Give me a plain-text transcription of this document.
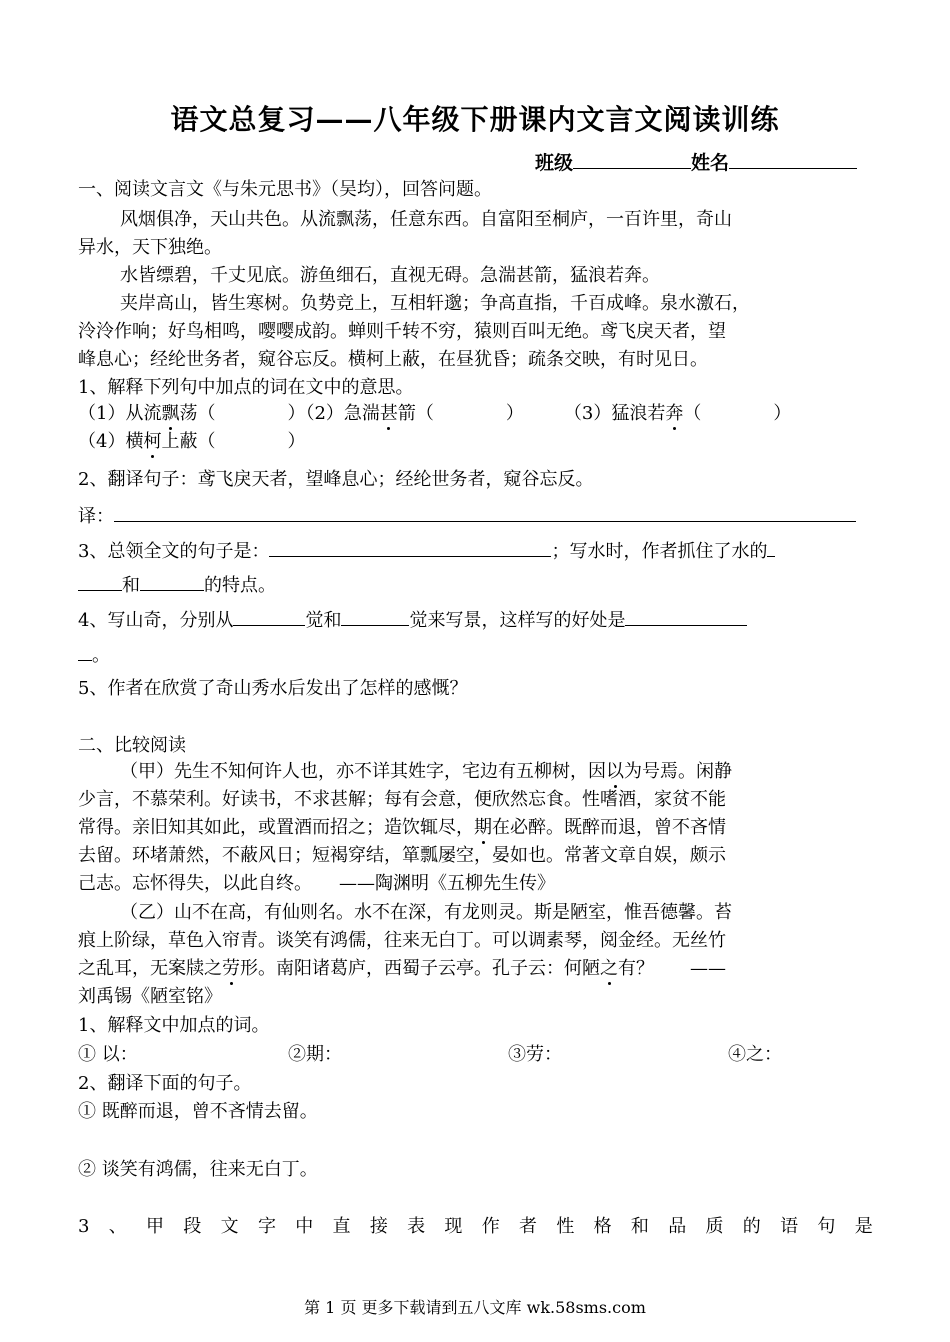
语文总复习——八年级下册课内文言文阅读训练
班级	姓名
一、阅读文言文《与朱元思书》（吴均），回答问题。
风烟俱净，天山共色。从流飘荡，任意东西。自富阳至桐庐，一百许里，奇山
异水，天下独绝。
水皆缥碧，千丈见底。游鱼细石，直视无碍。急湍甚箭，猛浪若奔。
夹岸高山，皆生寒树。负势竞上，互相轩邈；争高直指，千百成峰。泉水激石，
泠泠作响；好鸟相鸣，嘤嘤成韵。蝉则千转不穷，猿则百叫无绝。鸢飞戾天者，望
峰息心；经纶世务者，窥谷忘反。横柯上蔽，在昼犹昏；疏条交映，有时见日。
1、解释下列句中加点的词在文中的意思。
（1）从流飘荡（	）（2）急湍甚箭（	） （3）猛浪若奔（	）
（4）横柯上蔽（	）
2、翻译句子：鸢飞戾天者，望峰息心；经纶世务者，窥谷忘反。
译：
3、总领全文的句子是：	；写水时，作者抓住了水的
和	的特点。
4、写山奇，分别从	觉和	觉来写景，这样写的好处是
。
5、作者在欣赏了奇山秀水后发出了怎样的感慨？
二、比较阅读
（甲）先生不知何许人也，亦不详其姓字，宅边有五柳树，因以为号焉。闲静
少言，不慕荣利。好读书，不求甚解；每有会意，便欣然忘食。性嗜酒，家贫不能
常得。亲旧知其如此，或置酒而招之；造饮辄尽，期在必醉。既醉而退，曾不吝情
去留。环堵萧然，不蔽风日；短褐穿结，箪瓢屡空，晏如也。常著文章自娱，颇示
己志。忘怀得失，以此自终。　　——陶渊明《五柳先生传》
（乙）山不在高，有仙则名。水不在深，有龙则灵。斯是陋室，惟吾德馨。苔
痕上阶绿，草色入帘青。谈笑有鸿儒，往来无白丁。可以调素琴，阅金经。无丝竹
之乱耳，无案牍之劳形。南阳诸葛庐，西蜀子云亭。孔子云：何陋之有？　　——
刘禹锡《陋室铭》
1、解释文中加点的词。
① 以：	②期：	③劳：	④之：
2、翻译下面的句子。
① 既醉而退，曾不吝情去留。
② 谈笑有鸿儒，往来无白丁。
3 、 甲 段 文 字 中 直 接 表 现 作 者 性 格 和 品 质 的 语 句 是
第 1 页 更多下载请到五八文库 wk.58sms.com
